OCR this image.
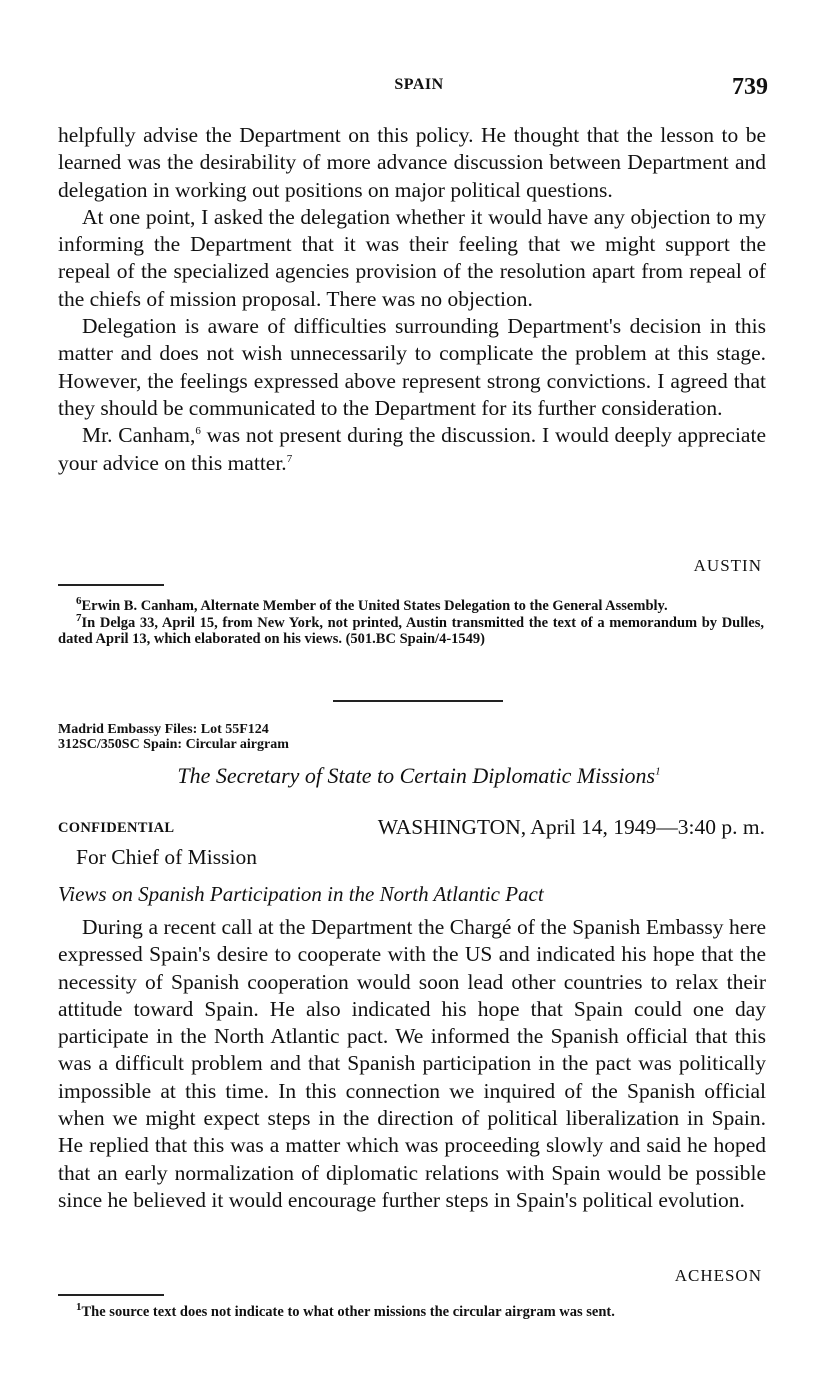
SPAIN	739

helpfully advise the Department on this policy. He thought that the lesson to be learned was the desirability of more advance discussion between Department and delegation in working out positions on major political questions.

At one point, I asked the delegation whether it would have any objection to my informing the Department that it was their feeling that we might support the repeal of the specialized agencies provision of the resolution apart from repeal of the chiefs of mission proposal. There was no objection.

Delegation is aware of difficulties surrounding Department's decision in this matter and does not wish unnecessarily to complicate the problem at this stage. However, the feelings expressed above represent strong convictions. I agreed that they should be communicated to the Department for its further consideration.

Mr. Canham,$^6$ was not present during the discussion. I would deeply appreciate your advice on this matter.$^7$

AUSTIN
$^6$Erwin B. Canham, Alternate Member of the United States Delegation to the General Assembly.
$^7$In Delga 33, April 15, from New York, not printed, Austin transmitted the text of a memorandum by Dulles, dated April 13, which elaborated on his views. (501.BC Spain/4-1549)
Madrid Embassy Files: Lot 55F124
312SC/350SC Spain: Circular airgram
The Secretary of State to Certain Diplomatic Missions$^1$
CONFIDENTIAL	WASHINGTON, April 14, 1949—3:40 p. m.
For Chief of Mission
Views on Spanish Participation in the North Atlantic Pact

During a recent call at the Department the Chargé of the Spanish Embassy here expressed Spain's desire to cooperate with the US and indicated his hope that the necessity of Spanish cooperation would soon lead other countries to relax their attitude toward Spain. He also indicated his hope that Spain could one day participate in the North Atlantic pact. We informed the Spanish official that this was a difficult problem and that Spanish participation in the pact was politically impossible at this time. In this connection we inquired of the Spanish official when we might expect steps in the direction of political liberalization in Spain. He replied that this was a matter which was proceeding slowly and said he hoped that an early normalization of diplomatic relations with Spain would be possible since he believed it would encourage further steps in Spain's political evolution.

ACHESON
$^1$The source text does not indicate to what other missions the circular airgram was sent.
